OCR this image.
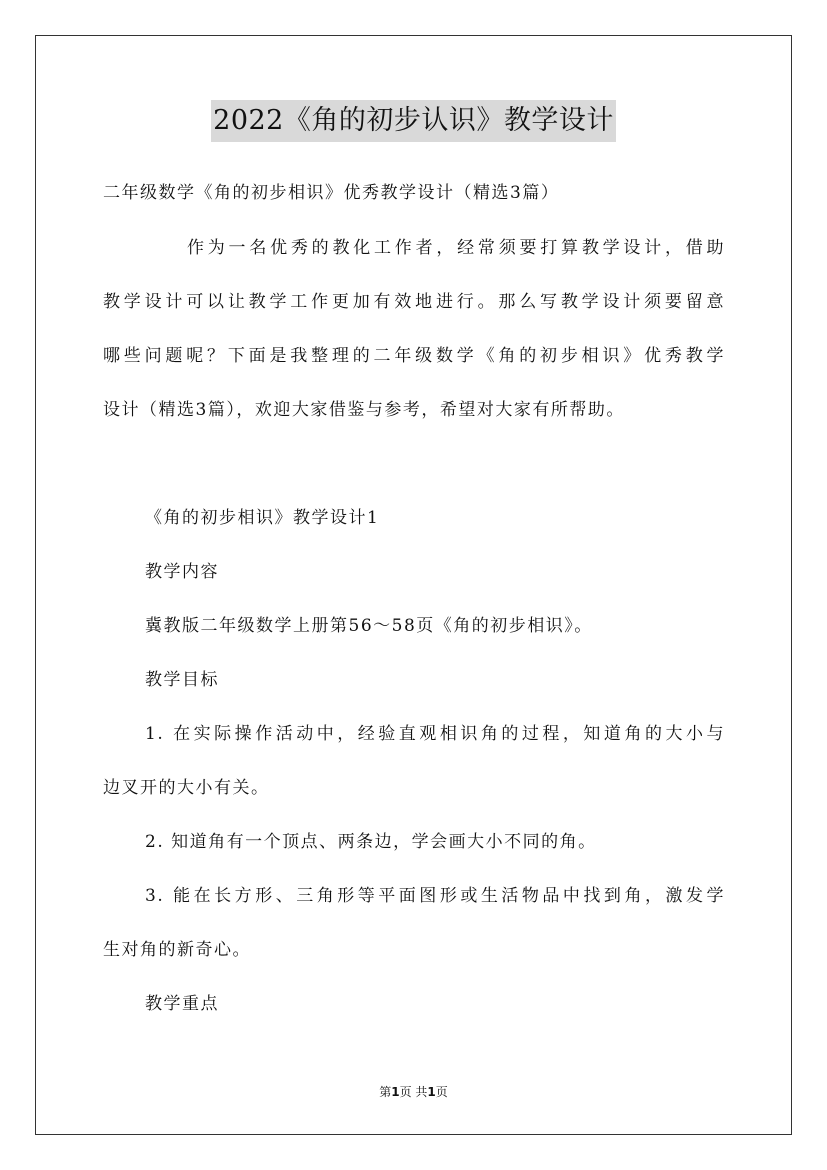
2022《角的初步认识》教学设计
二年级数学《角的初步相识》优秀教学设计（精选3篇）
作为一名优秀的教化工作者，经常须要打算教学设计，借助
教学设计可以让教学工作更加有效地进行。那么写教学设计须要留意
哪些问题呢？下面是我整理的二年级数学《角的初步相识》优秀教学
设计（精选3篇），欢迎大家借鉴与参考，希望对大家有所帮助。
《角的初步相识》教学设计1
教学内容
冀教版二年级数学上册第56～58页《角的初步相识》。
教学目标
1. 在实际操作活动中，经验直观相识角的过程，知道角的大小与
边叉开的大小有关。
2. 知道角有一个顶点、两条边，学会画大小不同的角。
3. 能在长方形、三角形等平面图形或生活物品中找到角，激发学
生对角的新奇心。
教学重点
第1页 共1页
